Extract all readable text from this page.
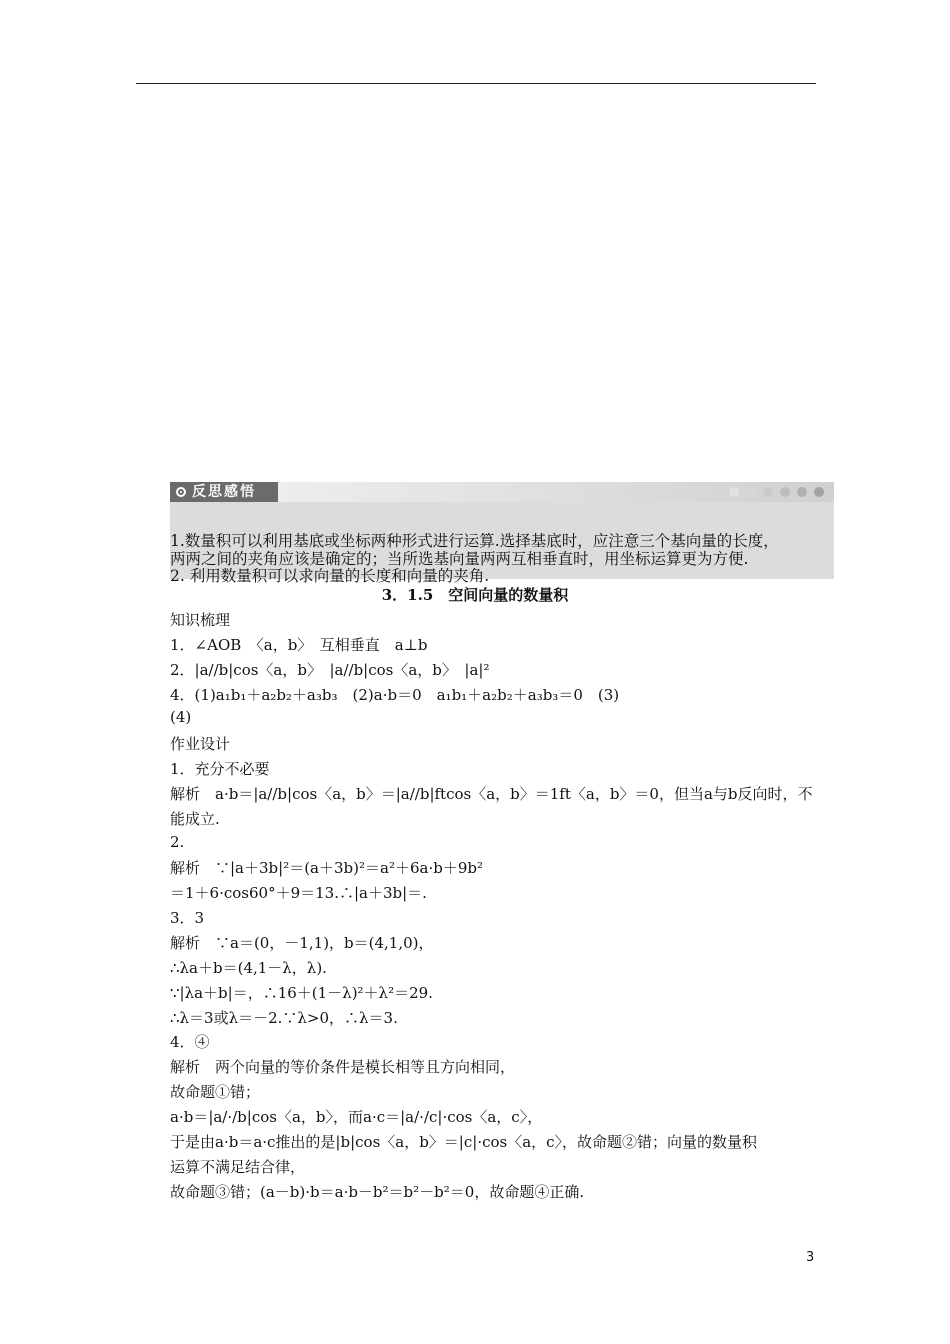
反思感悟
1.数量积可以利用基底或坐标两种形式进行运算.选择基底时，应注意三个基向量的长度，
两两之间的夹角应该是确定的；当所选基向量两两互相垂直时，用坐标运算更为方便.
2. 利用数量积可以求向量的长度和向量的夹角.
3．1.5　空间向量的数量积
知识梳理
1．∠AOB　〈a，b〉　互相垂直　a⊥b
2．|a//b|cos〈a，b〉　|a//b|cos〈a，b〉　|a|²
4．(1)a₁b₁＋a₂b₂＋a₃b₃　(2)a·b＝0　a₁b₁＋a₂b₂＋a₃b₃＝0　(3)
(4)
作业设计
1．充分不必要
解析　a·b＝|a//b|cos〈a，b〉＝|a//b|ftcos〈a，b〉＝1ft〈a，b〉＝0，但当a与b反向时，不
能成立.
2.
解析　∵|a＋3b|²＝(a＋3b)²＝a²＋6a·b＋9b²
＝1＋6·cos60°＋9＝13.∴|a＋3b|＝.
3．3
解析　∵a＝(0，－1,1)，b＝(4,1,0)，
∴λa＋b＝(4,1－λ，λ).
∵|λa＋b|＝，∴16＋(1－λ)²＋λ²＝29.
∴λ＝3或λ＝－2.∵λ>0，∴λ＝3.
4．④
解析　两个向量的等价条件是模长相等且方向相同，
故命题①错；
a·b＝|a/·/b|cos〈a，b〉，而a·c＝|a/·/c|·cos〈a，c〉，
于是由a·b＝a·c推出的是|b|cos〈a，b〉＝|c|·cos〈a，c〉，故命题②错；向量的数量积
运算不满足结合律，
故命题③错；(a－b)·b＝a·b－b²＝b²－b²＝0，故命题④正确.
3
